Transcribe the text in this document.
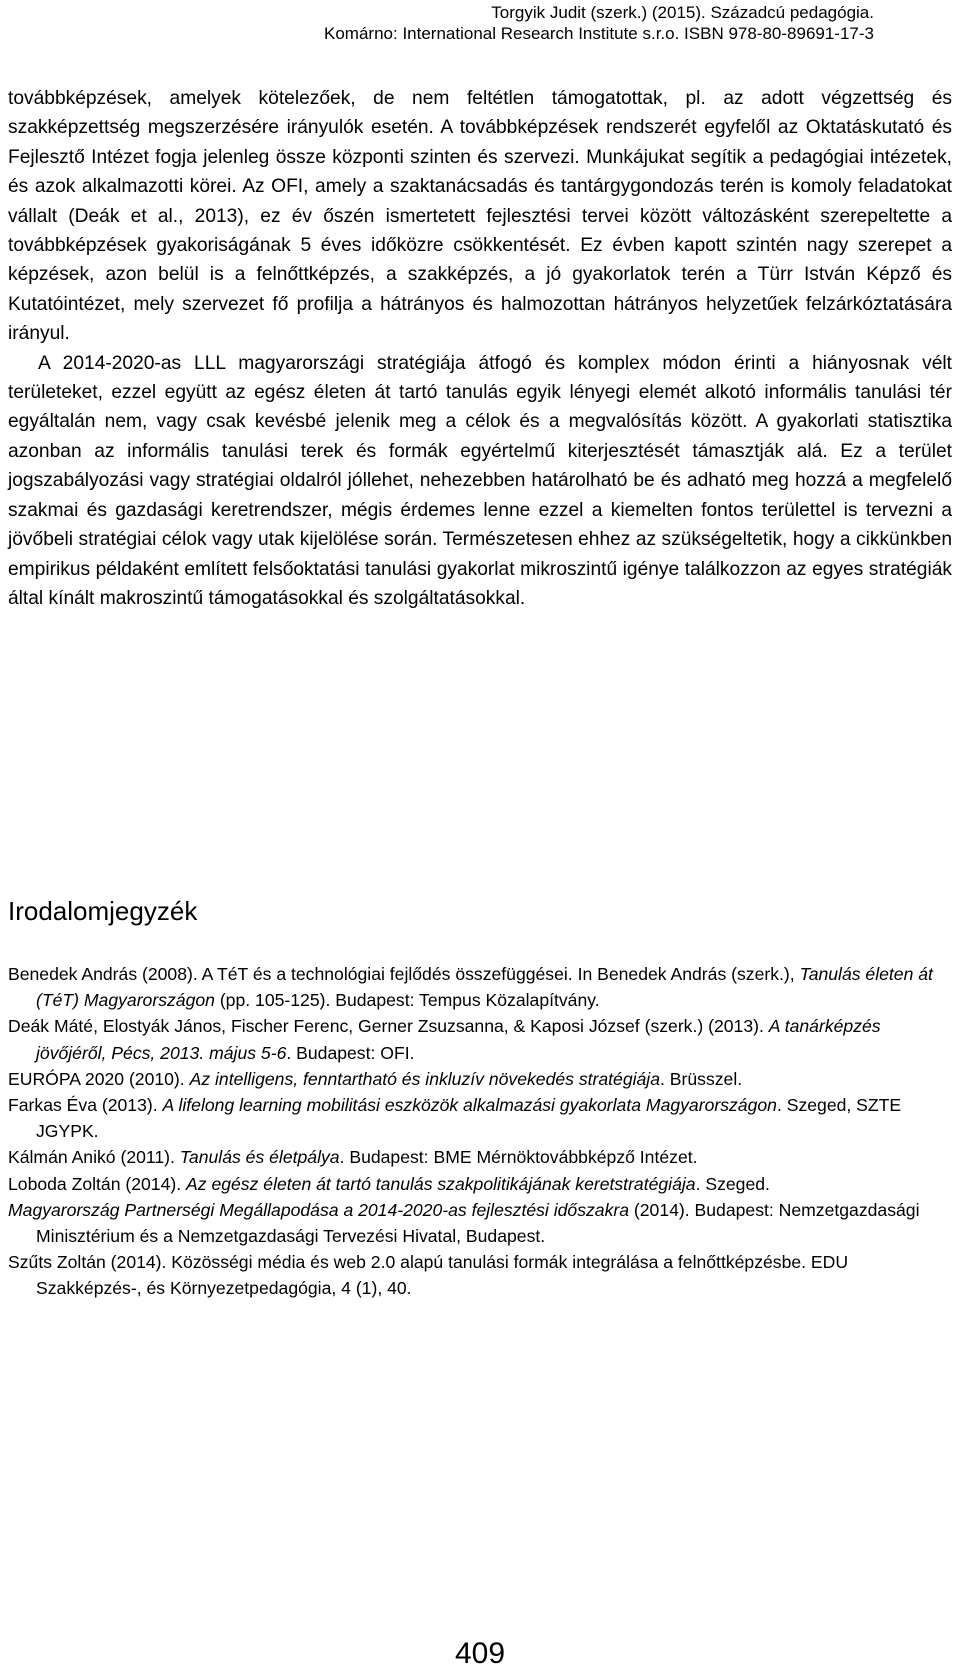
Torgyik Judit (szerk.) (2015). Századcú pedagógia.
Komárno: International Research Institute s.r.o. ISBN 978-80-89691-17-3

továbbképzések, amelyek kötelezőek, de nem feltétlen támogatottak, pl. az adott végzettség és szakképzettség megszerzésére irányulók esetén. A továbbképzések rendszerét egyfelől az Oktatáskutató és Fejlesztő Intézet fogja jelenleg össze központi szinten és szervezi. Munkájukat segítik a pedagógiai intézetek, és azok alkalmazotti körei. Az OFI, amely a szaktanácsadás és tantárgygondozás terén is komoly feladatokat vállalt (Deák et al., 2013), ez év őszén ismertetett fejlesztési tervei között változásként szerepeltette a továbbképzések gyakoriságának 5 éves időközre csökkentését. Ez évben kapott szintén nagy szerepet a képzések, azon belül is a felnőttképzés, a szakképzés, a jó gyakorlatok terén a Türr István Képző és Kutatóintézet, mely szervezet fő profilja a hátrányos és halmozottan hátrányos helyzetűek felzárkóztatására irányul.

A 2014-2020-as LLL magyarországi stratégiája átfogó és komplex módon érinti a hiányosnak vélt területeket, ezzel együtt az egész életen át tartó tanulás egyik lényegi elemét alkotó informális tanulási tér egyáltalán nem, vagy csak kevésbé jelenik meg a célok és a megvalósítás között. A gyakorlati statisztika azonban az informális tanulási terek és formák egyértelmű kiterjesztését támasztják alá. Ez a terület jogszabályozási vagy stratégiai oldalról jóllehet, nehezebben határolható be és adható meg hozzá a megfelelő szakmai és gazdasági keretrendszer, mégis érdemes lenne ezzel a kiemelten fontos területtel is tervezni a jövőbeli stratégiai célok vagy utak kijelölése során. Természetesen ehhez az szükségeltetik, hogy a cikkünkben empirikus példaként említett felsőoktatási tanulási gyakorlat mikroszintű igénye találkozzon az egyes stratégiák által kínált makroszintű támogatásokkal és szolgáltatásokkal.

Irodalomjegyzék

Benedek András (2008). A TéT és a technológiai fejlődés összefüggései. In Benedek András (szerk.), Tanulás életen át (TéT) Magyarországon (pp. 105-125). Budapest: Tempus Közalapítvány.

Deák Máté, Elostyák János, Fischer Ferenc, Gerner Zsuzsanna, & Kaposi József (szerk.) (2013). A tanárképzés jövőjéről, Pécs, 2013. május 5-6. Budapest: OFI.

EURÓPA 2020 (2010). Az intelligens, fenntartható és inkluzív növekedés stratégiája. Brüsszel.

Farkas Éva (2013). A lifelong learning mobilitási eszközök alkalmazási gyakorlata Magyarországon. Szeged, SZTE JGYPK.

Kálmán Anikó (2011). Tanulás és életpálya. Budapest: BME Mérnöktovábbképző Intézet.

Loboda Zoltán (2014). Az egész életen át tartó tanulás szakpolitikájának keretstratégiája. Szeged.

Magyarország Partnerségi Megállapodása a 2014-2020-as fejlesztési időszakra (2014). Budapest: Nemzetgazdasági Minisztérium és a Nemzetgazdasági Tervezési Hivatal, Budapest.

Szűts Zoltán (2014). Közösségi média és web 2.0 alapú tanulási formák integrálása a felnőttképzésbe. EDU Szakképzés-, és Környezetpedagógia, 4 (1), 40.

409
